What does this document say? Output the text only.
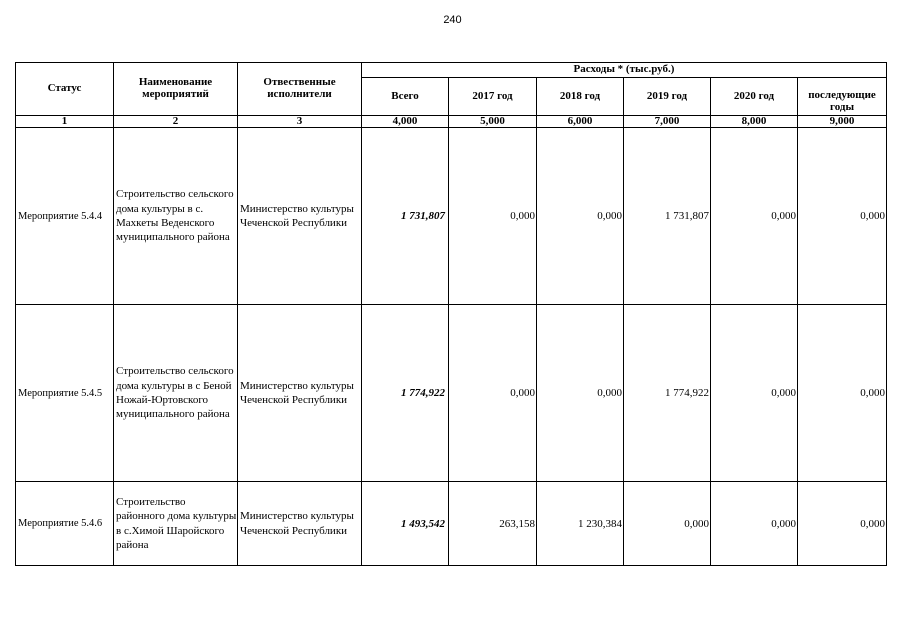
240
Статус	Наименование мероприятий	Отвественные исполнители	Расходы * (тыс.руб.)					
			Всего	2017 год	2018 год	2019 год	2020 год	последующие годы

1	2	3	4,000	5,000	6,000	7,000	8,000	9,000
Мероприятие 5.4.4	Строительство сельского дома культуры в с. Махкеты Веденского муниципального района	Министерство культуры Чеченской Республики	1 731,807	0,000	0,000	1 731,807	0,000	0,000
Мероприятие 5.4.5	Строительство сельского дома культуры в с Беной Ножай-Юртовского муниципального района	Министерство культуры Чеченской Республики	1 774,922	0,000	0,000	1 774,922	0,000	0,000
Мероприятие 5.4.6	Строительство районного дома культуры в с.Химой Шаройского района	Министерство культуры Чеченской Республики	1 493,542	263,158	1 230,384	0,000	0,000	0,000
